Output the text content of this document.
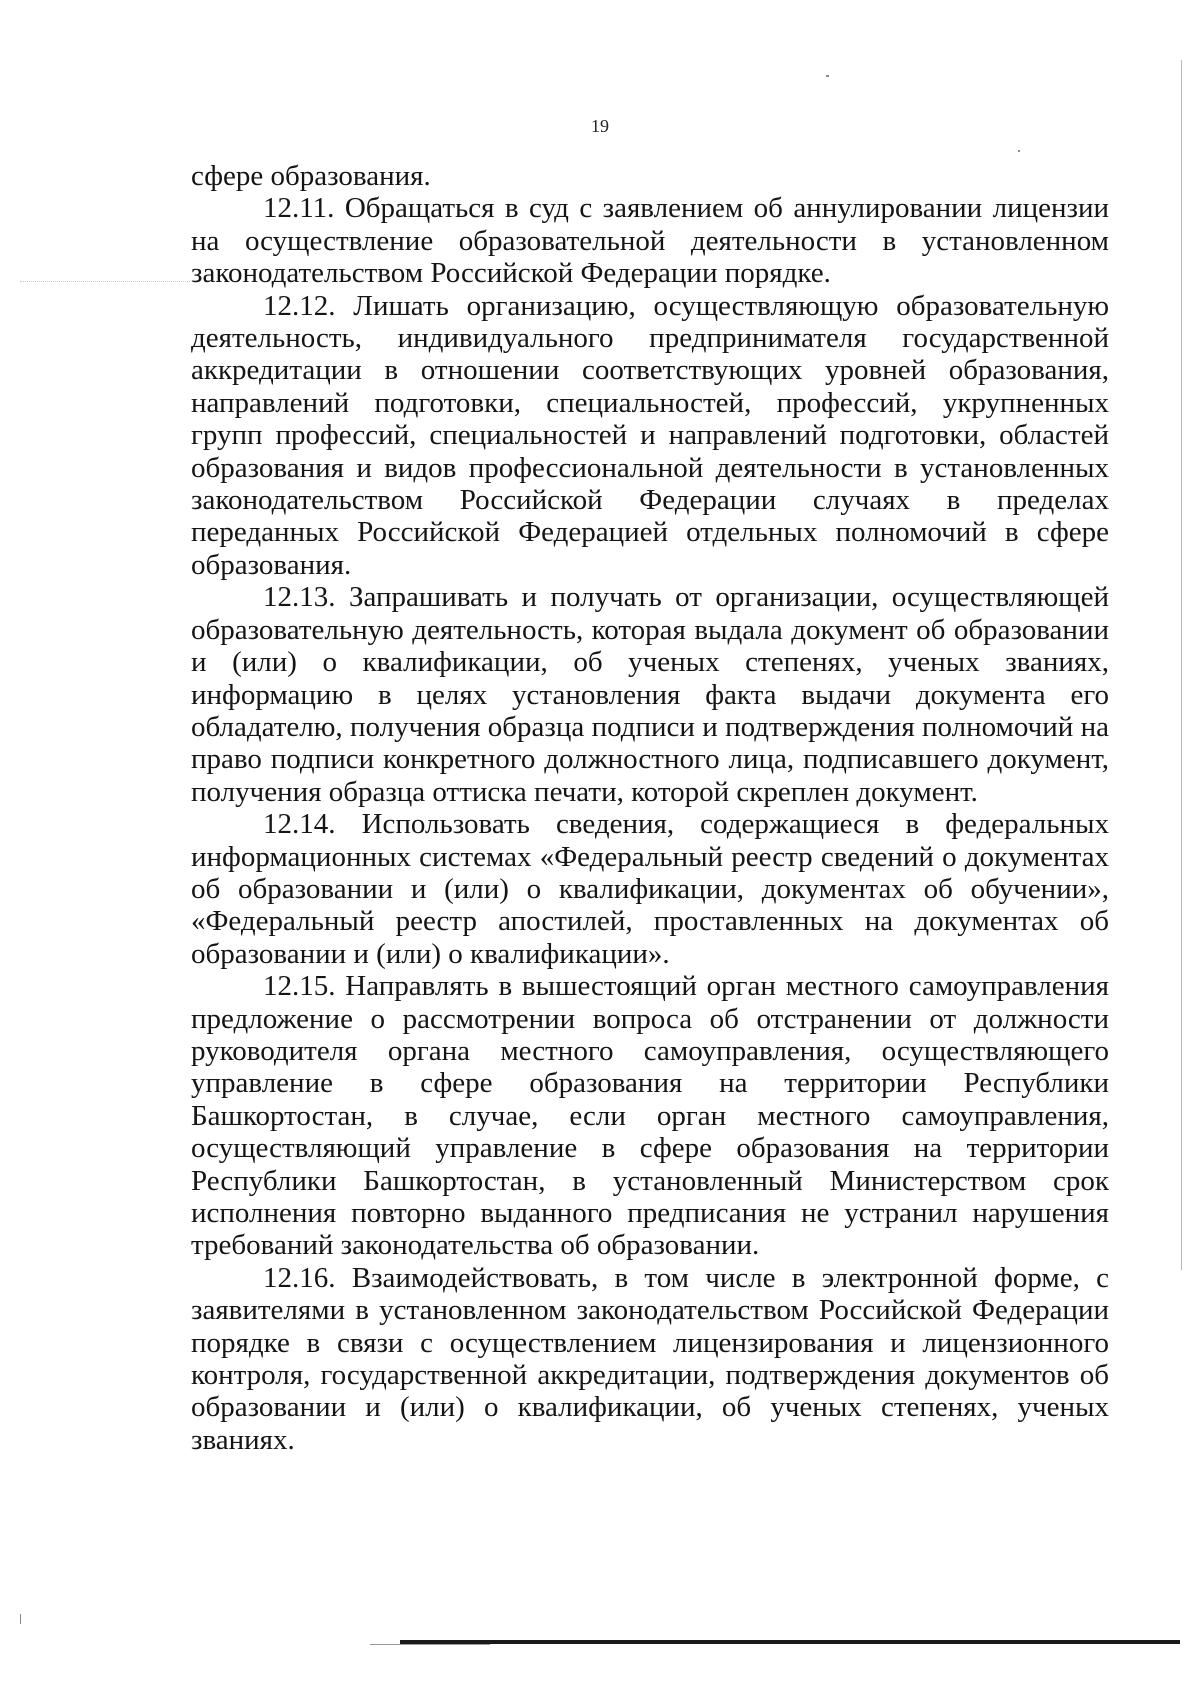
19

сфере образования.

12.11. Обращаться в суд с заявлением об аннулировании лицензии на осуществление образовательной деятельности в установленном законодательством Российской Федерации порядке.

12.12. Лишать организацию, осуществляющую образовательную деятельность, индивидуального предпринимателя государственной аккредитации в отношении соответствующих уровней образования, направлений подготовки, специальностей, профессий, укрупненных групп профессий, специальностей и направлений подготовки, областей образования и видов профессиональной деятельности в установленных законодательством Российской Федерации случаях в пределах переданных Российской Федерацией отдельных полномочий в сфере образования.

12.13. Запрашивать и получать от организации, осуществляющей образовательную деятельность, которая выдала документ об образовании и (или) о квалификации, об ученых степенях, ученых званиях, информацию в целях установления факта выдачи документа его обладателю, получения образца подписи и подтверждения полномочий на право подписи конкретного должностного лица, подписавшего документ, получения образца оттиска печати, которой скреплен документ.

12.14. Использовать сведения, содержащиеся в федеральных информационных системах «Федеральный реестр сведений о документах об образовании и (или) о квалификации, документах об обучении», «Федеральный реестр апостилей, проставленных на документах об образовании и (или) о квалификации».

12.15. Направлять в вышестоящий орган местного самоуправления предложение о рассмотрении вопроса об отстранении от должности руководителя органа местного самоуправления, осуществляющего управление в сфере образования на территории Республики Башкортостан, в случае, если орган местного самоуправления, осуществляющий управление в сфере образования на территории Республики Башкортостан, в установленный Министерством срок исполнения повторно выданного предписания не устранил нарушения требований законодательства об образовании.

12.16. Взаимодействовать, в том числе в электронной форме, с заявителями в установленном законодательством Российской Федерации порядке в связи с осуществлением лицензирования и лицензионного контроля, государственной аккредитации, подтверждения документов об образовании и (или) о квалификации, об ученых степенях, ученых званиях.
